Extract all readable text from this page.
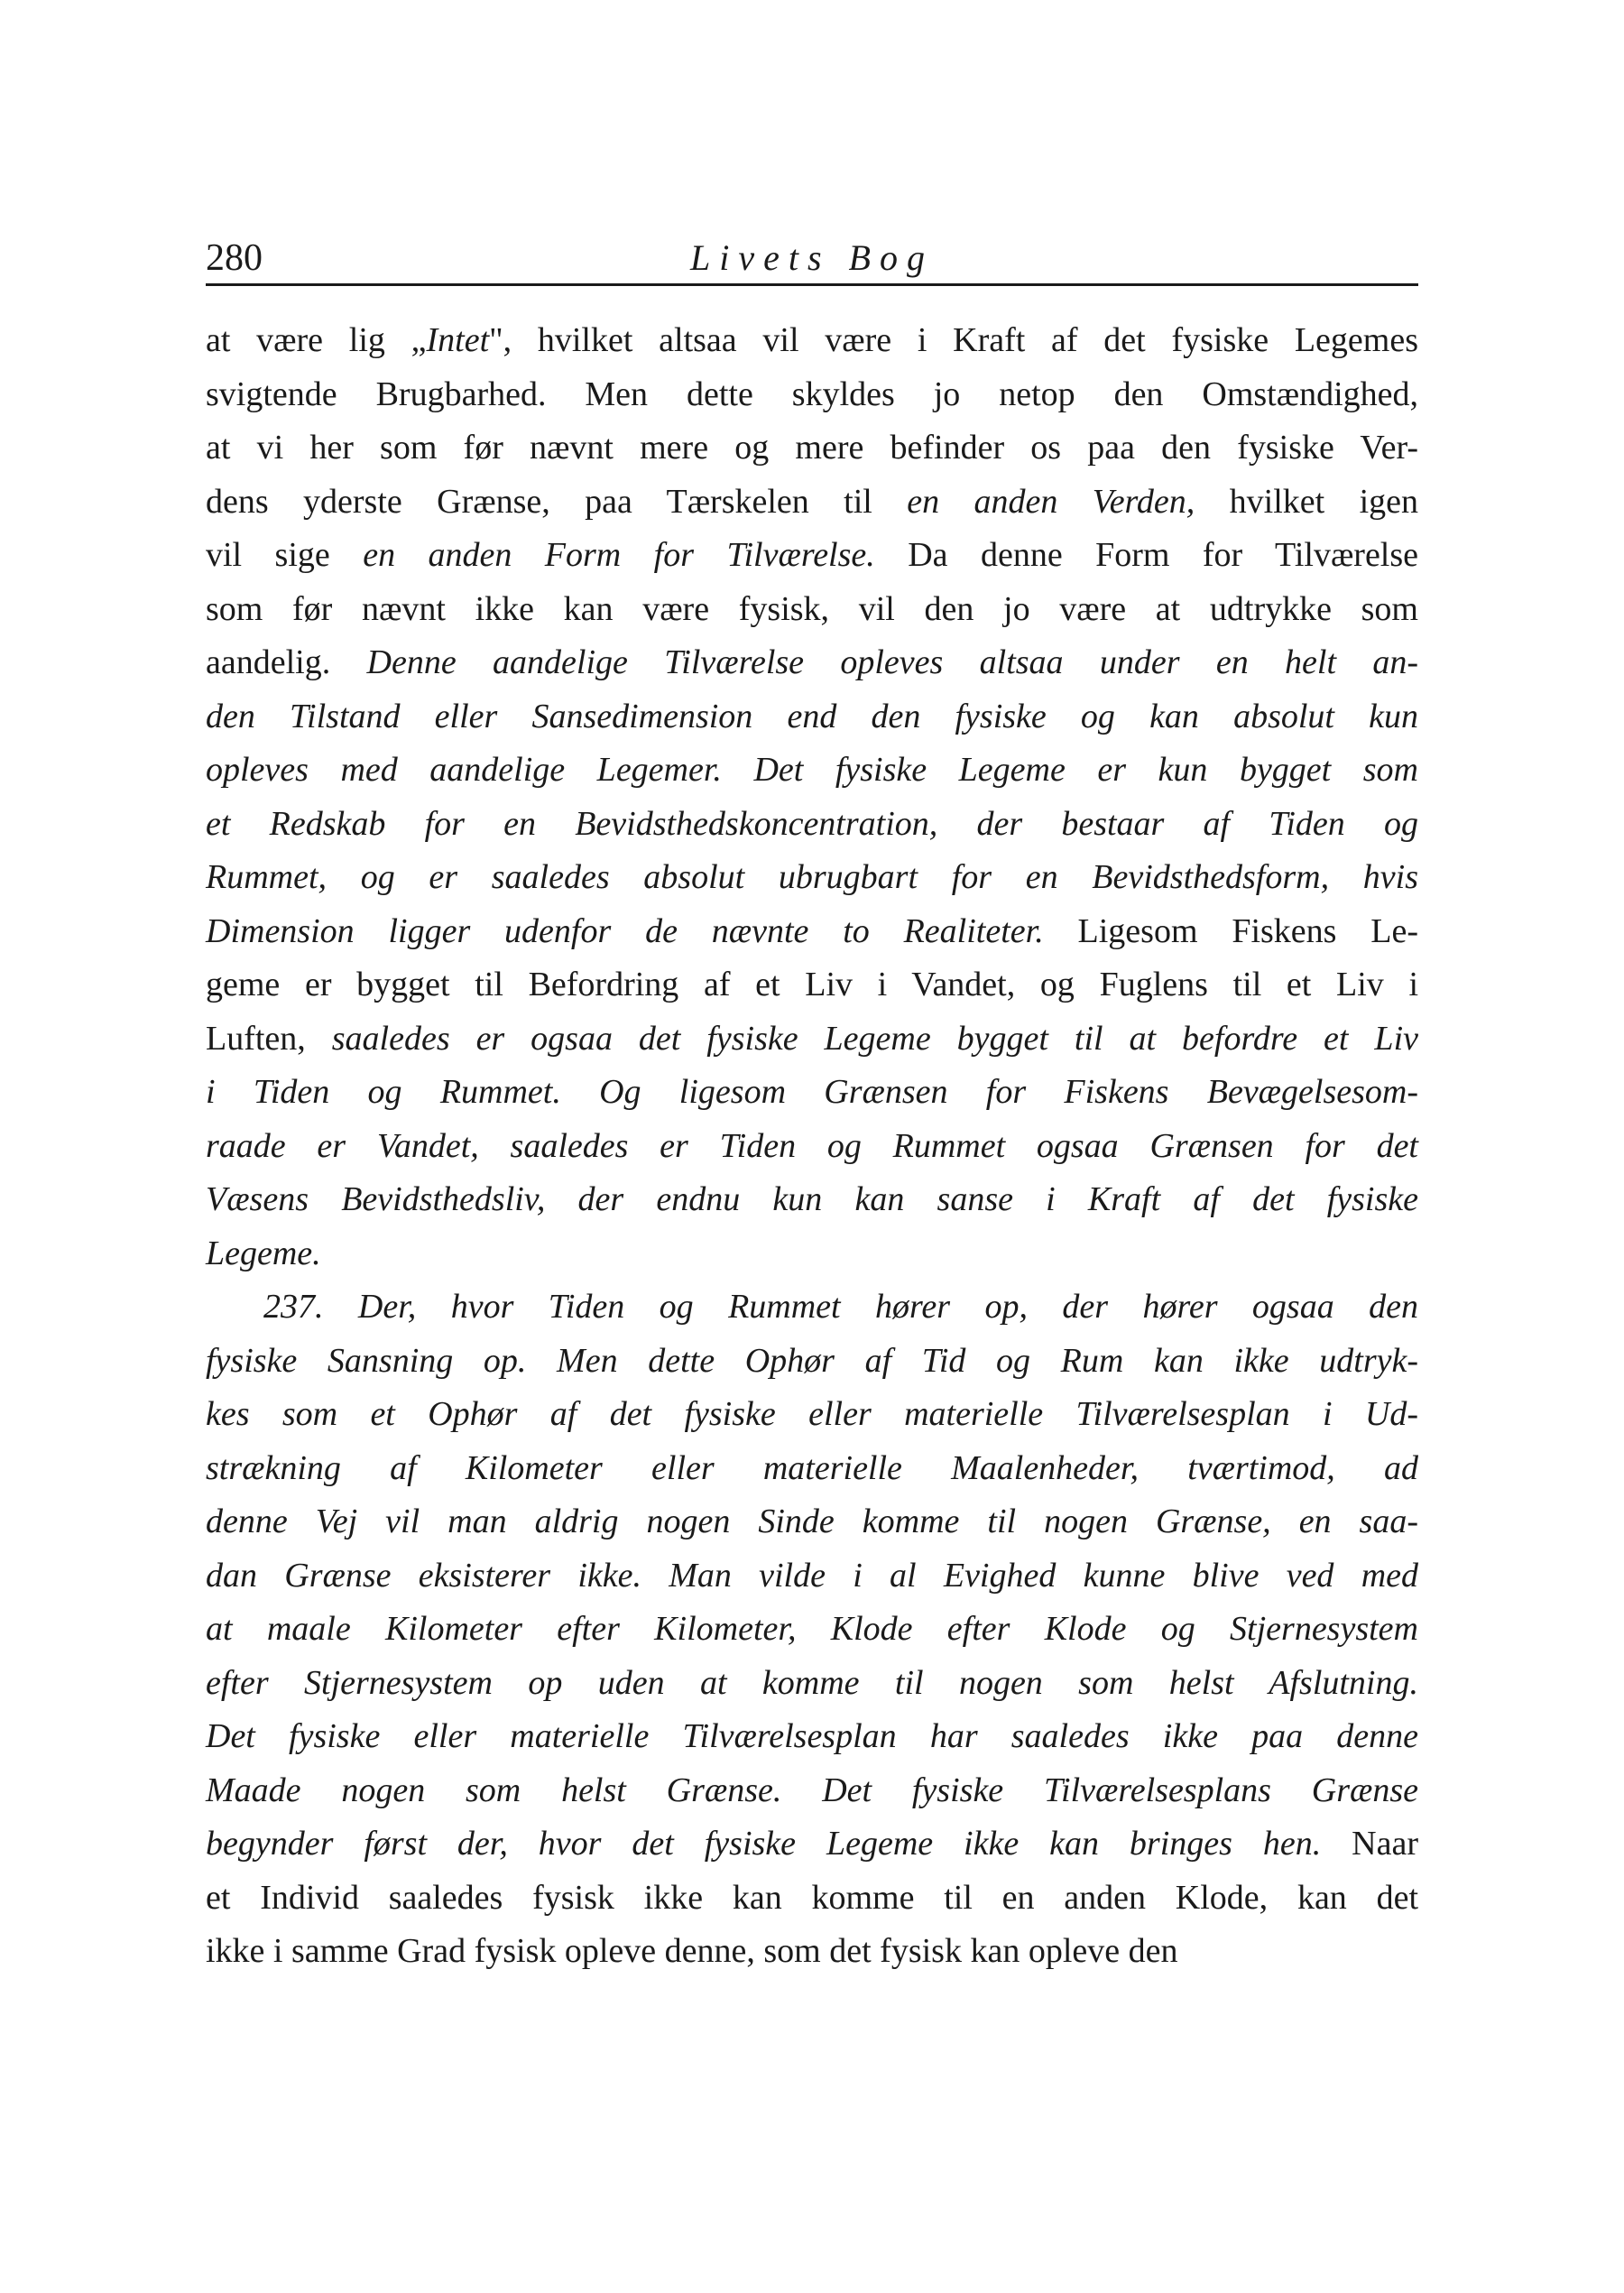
280	Livets Bog
at være lig „Intet", hvilket altsaa vil være i Kraft af det fysiske Legemes
svigtende Brugbarhed. Men dette skyldes jo netop den Omstændighed,
at vi her som før nævnt mere og mere befinder os paa den fysiske Ver-
dens yderste Grænse, paa Tærskelen til en anden Verden, hvilket igen
vil sige en anden Form for Tilværelse. Da denne Form for Tilværelse
som før nævnt ikke kan være fysisk, vil den jo være at udtrykke som
aandelig. Denne aandelige Tilværelse opleves altsaa under en helt an-
den Tilstand eller Sansedimension end den fysiske og kan absolut kun
opleves med aandelige Legemer. Det fysiske Legeme er kun bygget som
et Redskab for en Bevidsthedskoncentration, der bestaar af Tiden og
Rummet, og er saaledes absolut ubrugbart for en Bevidsthedsform, hvis
Dimension ligger udenfor de nævnte to Realiteter. Ligesom Fiskens Le-
geme er bygget til Befordring af et Liv i Vandet, og Fuglens til et Liv i
Luften, saaledes er ogsaa det fysiske Legeme bygget til at befordre et Liv
i Tiden og Rummet. Og ligesom Grænsen for Fiskens Bevægelsesom-
raade er Vandet, saaledes er Tiden og Rummet ogsaa Grænsen for det
Væsens Bevidsthedsliv, der endnu kun kan sanse i Kraft af det fysiske
Legeme.
237. Der, hvor Tiden og Rummet hører op, der hører ogsaa den
fysiske Sansning op. Men dette Ophør af Tid og Rum kan ikke udtryk-
kes som et Ophør af det fysiske eller materielle Tilværelsesplan i Ud-
strækning af Kilometer eller materielle Maalenheder, tværtimod, ad
denne Vej vil man aldrig nogen Sinde komme til nogen Grænse, en saa-
dan Grænse eksisterer ikke. Man vilde i al Evighed kunne blive ved med
at maale Kilometer efter Kilometer, Klode efter Klode og Stjernesystem
efter Stjernesystem op uden at komme til nogen som helst Afslutning.
Det fysiske eller materielle Tilværelsesplan har saaledes ikke paa denne
Maade nogen som helst Grænse. Det fysiske Tilværelsesplans Grænse
begynder først der, hvor det fysiske Legeme ikke kan bringes hen. Naar
et Individ saaledes fysisk ikke kan komme til en anden Klode, kan det
ikke i samme Grad fysisk opleve denne, som det fysisk kan opleve den
